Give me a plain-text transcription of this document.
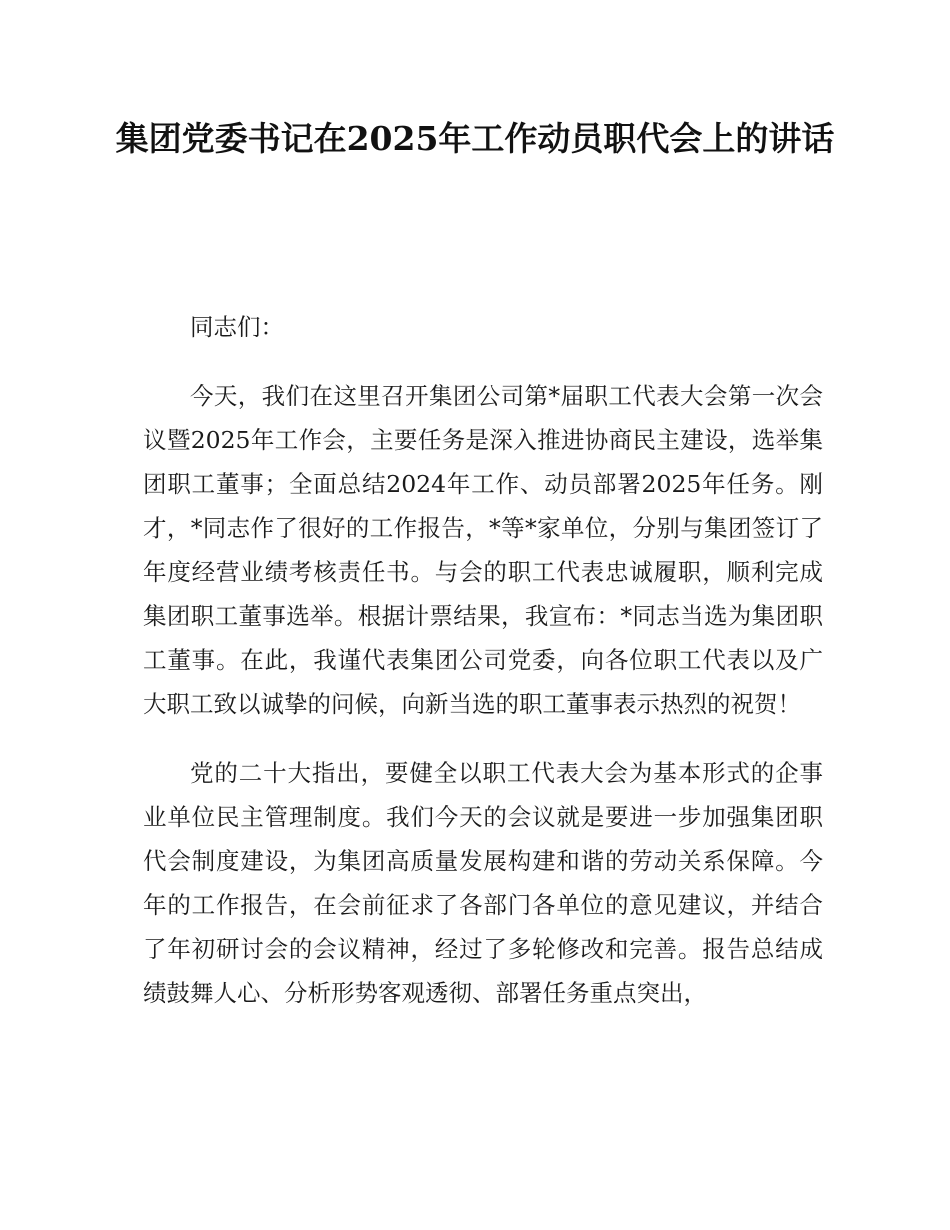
集团党委书记在2025年工作动员职代会上的讲话

同志们：

今天，我们在这里召开集团公司第*届职工代表大会第一次会议暨2025年工作会，主要任务是深入推进协商民主建设，选举集团职工董事；全面总结2024年工作、动员部署2025年任务。刚才，*同志作了很好的工作报告，*等*家单位，分别与集团签订了年度经营业绩考核责任书。与会的职工代表忠诚履职，顺利完成集团职工董事选举。根据计票结果，我宣布：*同志当选为集团职工董事。在此，我谨代表集团公司党委，向各位职工代表以及广大职工致以诚挚的问候，向新当选的职工董事表示热烈的祝贺！

党的二十大指出，要健全以职工代表大会为基本形式的企事业单位民主管理制度。我们今天的会议就是要进一步加强集团职代会制度建设，为集团高质量发展构建和谐的劳动关系保障。今年的工作报告，在会前征求了各部门各单位的意见建议，并结合了年初研讨会的会议精神，经过了多轮修改和完善。报告总结成绩鼓舞人心、分析形势客观透彻、部署任务重点突出，
